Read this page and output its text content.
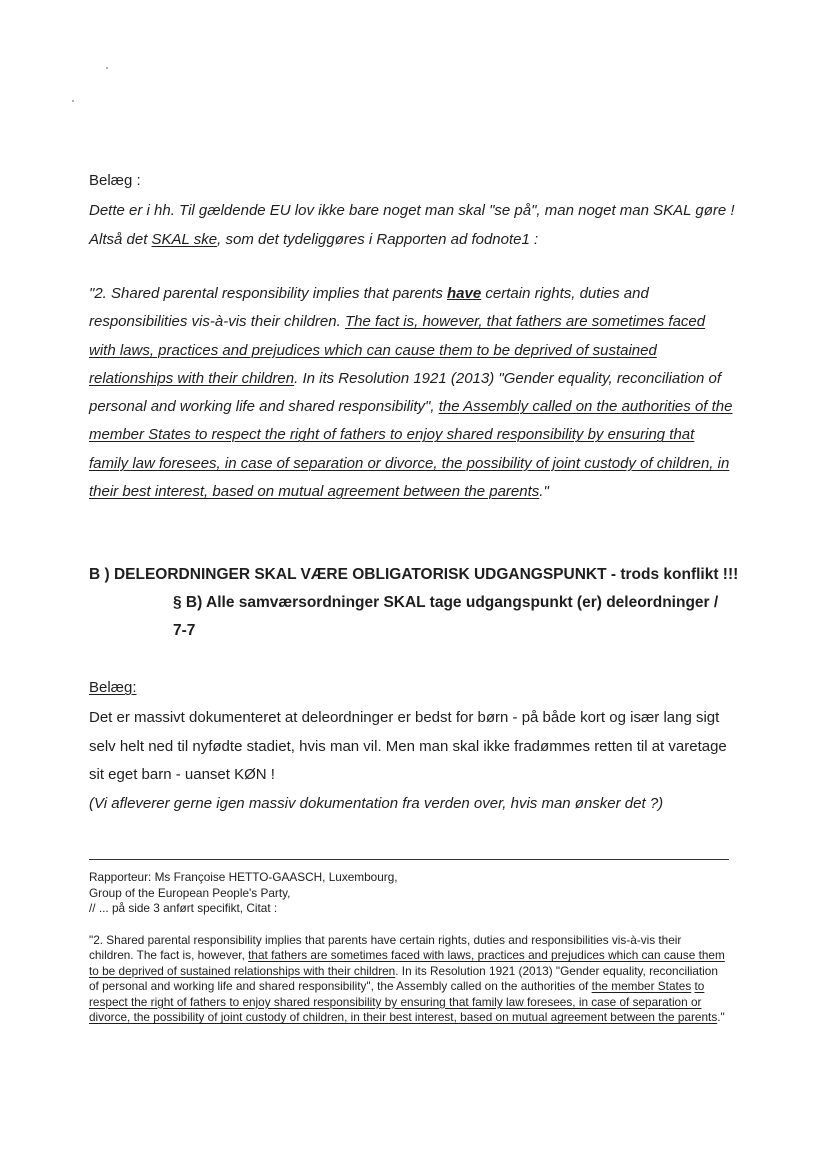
Belæg :

Dette er i hh. Til gældende EU lov ikke bare noget man skal "se på", man noget man SKAL gøre !

Altså det SKAL ske, som det tydeliggøres i Rapporten ad fodnote1 :

"2. Shared parental responsibility implies that parents have certain rights, duties and responsibilities vis-à-vis their children. The fact is, however, that fathers are sometimes faced with laws, practices and prejudices which can cause them to be deprived of sustained relationships with their children. In its Resolution 1921 (2013) "Gender equality, reconciliation of personal and working life and shared responsibility", the Assembly called on the authorities of the member States to respect the right of fathers to enjoy shared responsibility by ensuring that family law foresees, in case of separation or divorce, the possibility of joint custody of children, in their best interest, based on mutual agreement between the parents."

B ) DELEORDNINGER SKAL VÆRE OBLIGATORISK UDGANGSPUNKT - trods konflikt !!!

§ B) Alle samværsordninger SKAL tage udgangspunkt (er) deleordninger /

7-7

Belæg:

Det er massivt dokumenteret at deleordninger er bedst for børn - på både kort og især lang sigt selv helt ned til nyfødte stadiet, hvis man vil. Men man skal ikke fradømmes retten til at varetage sit eget barn - uanset KØN !

(Vi afleverer gerne igen massiv dokumentation fra verden over, hvis man ønsker det ?)

Rapporteur: Ms Françoise HETTO-GAASCH, Luxembourg,

Group of the European People's Party,

// ... på side 3 anført specifikt, Citat :

"2. Shared parental responsibility implies that parents have certain rights, duties and responsibilities vis-à-vis their children. The fact is, however, that fathers are sometimes faced with laws, practices and prejudices which can cause them to be deprived of sustained relationships with their children. In its Resolution 1921 (2013) "Gender equality, reconciliation of personal and working life and shared responsibility", the Assembly called on the authorities of the member States to respect the right of fathers to enjoy shared responsibility by ensuring that family law foresees, in case of separation or divorce, the possibility of joint custody of children, in their best interest, based on mutual agreement between the parents."
